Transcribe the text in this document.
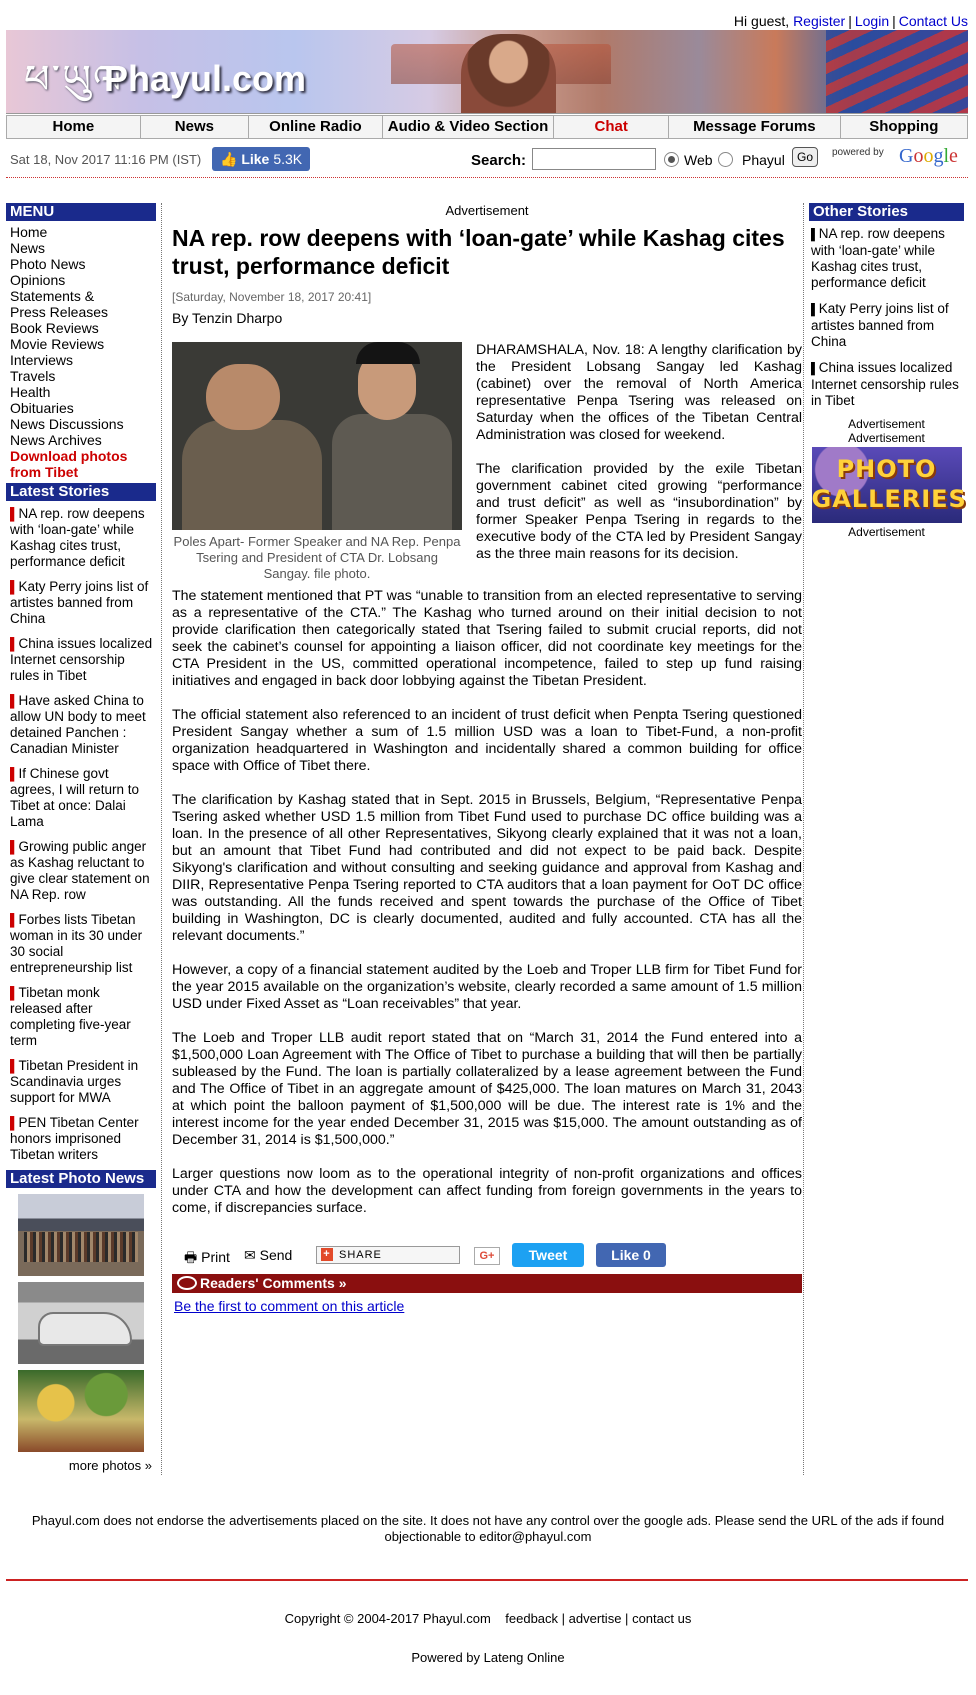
Hi guest, Register | Login | Contact Us
ཕ་ཡུལ
Phayul.com
Home	News	Online Radio	Audio & Video Section	Chat	Message Forums	Shopping
Sat 18, Nov 2017 11:16 PM (IST)	👍 Like 5.3K	Search:	Web Phayul	Go	powered by Google
MENU
Home
News
Photo News
Opinions
Statements &
Press Releases
Book Reviews
Movie Reviews
Interviews
Travels
Health
Obituaries
News Discussions
News Archives
Download photos from Tibet
Latest Stories
▌NA rep. row deepens with ‘loan-gate’ while Kashag cites trust, performance deficit
▌Katy Perry joins list of artistes banned from China
▌China issues localized Internet censorship rules in Tibet
▌Have asked China to allow UN body to meet detained Panchen : Canadian Minister
▌If Chinese govt agrees, I will return to Tibet at once: Dalai Lama
▌Growing public anger as Kashag reluctant to give clear statement on NA Rep. row
▌Forbes lists Tibetan woman in its 30 under 30 social entrepreneurship list
▌Tibetan monk released after completing five-year term
▌Tibetan President in Scandinavia urges support for MWA
▌PEN Tibetan Center honors imprisoned Tibetan writers
Latest Photo News
more photos »
Advertisement
NA rep. row deepens with ‘loan-gate’ while Kashag cites trust, performance deficit
[Saturday, November 18, 2017 20:41]
By Tenzin Dharpo
Poles Apart- Former Speaker and NA Rep. Penpa Tsering and President of CTA Dr. Lobsang Sangay. file photo.

DHARAMSHALA, Nov. 18: A lengthy clarification by the President Lobsang Sangay led Kashag (cabinet) over the removal of North America representative Penpa Tsering was released on Saturday when the offices of the Tibetan Central Administration was closed for weekend.

The clarification provided by the exile Tibetan government cabinet cited growing “performance and trust deficit” as well as “insubordination” by former Speaker Penpa Tsering in regards to the executive body of the CTA led by President Sangay as the three main reasons for its decision.

The statement mentioned that PT was “unable to transition from an elected representative to serving as a representative of the CTA.” The Kashag who turned around on their initial decision to not provide clarification then categorically stated that Tsering failed to submit crucial reports, did not seek the cabinet’s counsel for appointing a liaison officer, did not coordinate key meetings for the CTA President in the US, committed operational incompetence, failed to step up fund raising initiatives and engaged in back door lobbying against the Tibetan President.

The official statement also referenced to an incident of trust deficit when Penpta Tsering questioned President Sangay whether a sum of 1.5 million USD was a loan to Tibet-Fund, a non-profit organization headquartered in Washington and incidentally shared a common building for office space with Office of Tibet there.

The clarification by Kashag stated that in Sept. 2015 in Brussels, Belgium, “Representative Penpa Tsering asked whether USD 1.5 million from Tibet Fund used to purchase DC office building was a loan. In the presence of all other Representatives, Sikyong clearly explained that it was not a loan, but an amount that Tibet Fund had contributed and did not expect to be paid back. Despite Sikyong's clarification and without consulting and seeking guidance and approval from Kashag and DIIR, Representative Penpa Tsering reported to CTA auditors that a loan payment for OoT DC office was outstanding. All the funds received and spent towards the purchase of the Office of Tibet building in Washington, DC is clearly documented, audited and fully accounted. CTA has all the relevant documents.”

However, a copy of a financial statement audited by the Loeb and Troper LLB firm for Tibet Fund for the year 2015 available on the organization’s website, clearly recorded a same amount of 1.5 million USD under Fixed Asset as “Loan receivables” that year.

The Loeb and Troper LLB audit report stated that on “March 31, 2014 the Fund entered into a $1,500,000 Loan Agreement with The Office of Tibet to purchase a building that will then be partially subleased by the Fund. The loan is partially collateralized by a lease agreement between the Fund and The Office of Tibet in an aggregate amount of $425,000. The loan matures on March 31, 2043 at which point the balloon payment of $1,500,000 will be due. The interest rate is 1% and the interest income for the year ended December 31, 2015 was $15,000. The amount outstanding as of December 31, 2014 is $1,500,000.”

Larger questions now loom as to the operational integrity of non-profit organizations and offices under CTA and how the development can affect funding from foreign governments in the years to come, if discrepancies surface.

🖶 Print ✉ Send
+	SHARE	G+	Tweet	Like 0
Readers' Comments »
Be the first to comment on this article
Other Stories
▌NA rep. row deepens with ‘loan-gate’ while Kashag cites trust, performance deficit
▌Katy Perry joins list of artistes banned from China
▌China issues localized Internet censorship rules in Tibet
Advertisement
Advertisement
PHOTO
GALLERIES
Advertisement
Phayul.com does not endorse the advertisements placed on the site. It does not have any control over the google ads. Please send the URL of the ads if found objectionable to editor@phayul.com
Copyright © 2004-2017 Phayul.com feedback | advertise | contact us
Powered by Lateng Online
